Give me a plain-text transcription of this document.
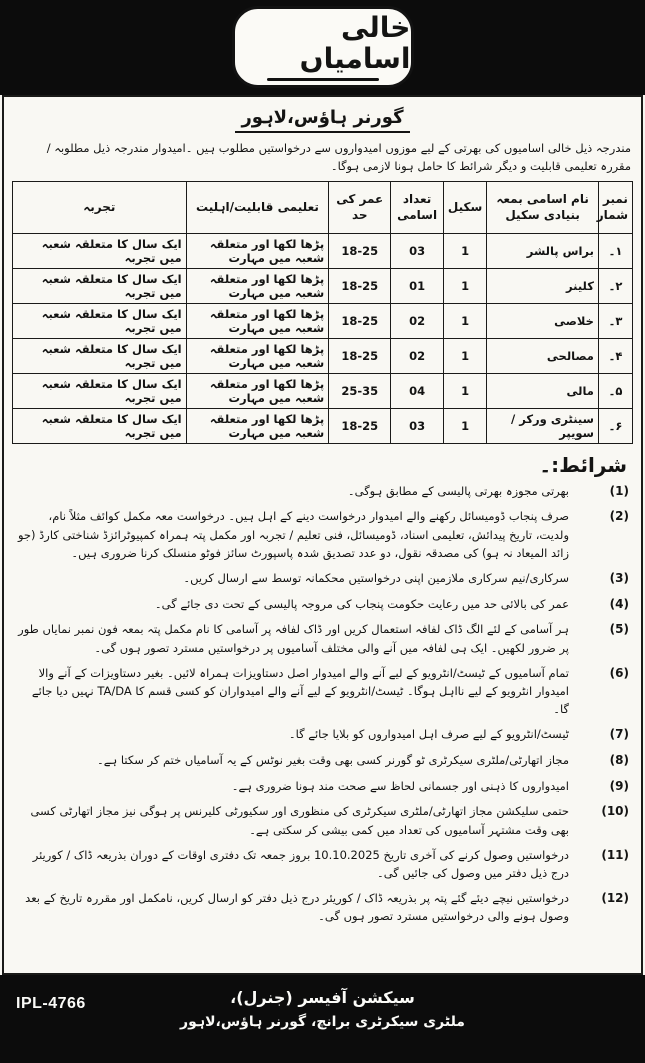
خالی اسامیاں
گورنر ہاؤس،لاہور

مندرجہ ذیل خالی اسامیوں کی بھرتی کے لیے موزوں امیدواروں سے درخواستیں مطلوب ہیں ۔امیدوار مندرجہ ذیل مطلوبہ / مقررہ تعلیمی قابلیت و دیگر شرائط کا حامل ہونا لازمی ہوگا۔

نمبر شمار	نام اسامی بمعہ بنیادی سکیل	سکیل	تعداد اسامی	عمر کی حد	تعلیمی قابلیت/اہلیت	تجربہ
۱۔	براس پالشر	1	03	18-25	پڑھا لکھا اور متعلقہ شعبہ میں مہارت	ایک سال کا متعلقہ شعبہ میں تجربہ
۲۔	کلینر	1	01	18-25	پڑھا لکھا اور متعلقہ شعبہ میں مہارت	ایک سال کا متعلقہ شعبہ میں تجربہ
۳۔	خلاصی	1	02	18-25	پڑھا لکھا اور متعلقہ شعبہ میں مہارت	ایک سال کا متعلقہ شعبہ میں تجربہ
۴۔	مصالحی	1	02	18-25	پڑھا لکھا اور متعلقہ شعبہ میں مہارت	ایک سال کا متعلقہ شعبہ میں تجربہ
۵۔	مالی	1	04	25-35	پڑھا لکھا اور متعلقہ شعبہ میں مہارت	ایک سال کا متعلقہ شعبہ میں تجربہ
۶۔	سینٹری ورکر / سویپر	1	03	18-25	پڑھا لکھا اور متعلقہ شعبہ میں مہارت	ایک سال کا متعلقہ شعبہ میں تجربہ
شرائط:۔
(1)
بھرتی مجوزہ بھرتی پالیسی کے مطابق ہوگی۔
(2)
صرف پنجاب ڈومیسائل رکھنے والے امیدوار درخواست دینے کے اہل ہیں۔ درخواست معہ مکمل کوائف مثلاً نام، ولدیت، تاریخ پیدائش، تعلیمی اسناد، ڈومیسائل، فنی تعلیم / تجربہ اور مکمل پتہ ہمراہ کمپیوٹرائزڈ شناختی کارڈ (جو زائد المیعاد نہ ہو) کی مصدقہ نقول، دو عدد تصدیق شدہ پاسپورٹ سائز فوٹو منسلک کرنا ضروری ہیں۔
(3)
سرکاری/نیم سرکاری ملازمین اپنی درخواستیں محکمانہ توسط سے ارسال کریں۔
(4)
عمر کی بالائی حد میں رعایت حکومت پنجاب کی مروجہ پالیسی کے تحت دی جائے گی۔
(5)
ہر آسامی کے لئے الگ ڈاک لفافہ استعمال کریں اور ڈاک لفافہ پر آسامی کا نام مکمل پتہ بمعہ فون نمبر نمایاں طور پر ضرور لکھیں۔ ایک ہی لفافہ میں آنے والی مختلف آسامیوں پر درخواستیں مسترد تصور ہوں گی۔
(6)
تمام آسامیوں کے ٹیسٹ/انٹرویو کے لیے آنے والے امیدوار اصل دستاویزات ہمراہ لائیں۔ بغیر دستاویزات کے آنے والا امیدوار انٹرویو کے لیے نااہل ہوگا۔ ٹیسٹ/انٹرویو کے لیے آنے والے امیدواران کو کسی قسم کا TA/DA نہیں دیا جائے گا۔
(7)
ٹیسٹ/انٹرویو کے لیے صرف اہل امیدواروں کو بلایا جائے گا۔
(8)
مجاز اتھارٹی/ملٹری سیکرٹری ٹو گورنر کسی بھی وقت بغیر نوٹس کے یہ آسامیاں ختم کر سکتا ہے۔
(9)
امیدواروں کا ذہنی اور جسمانی لحاظ سے صحت مند ہونا ضروری ہے۔
(10)
حتمی سلیکشن مجاز اتھارٹی/ملٹری سیکرٹری کی منظوری اور سکیورٹی کلیرنس پر ہوگی نیز مجاز اتھارٹی کسی بھی وقت مشتہر آسامیوں کی تعداد میں کمی بیشی کر سکتی ہے۔
(11)
درخواستیں وصول کرنے کی آخری تاریخ 10.10.2025 بروز جمعہ تک دفتری اوقات کے دوران بذریعہ ڈاک / کوریئر درج ذیل دفتر میں وصول کی جائیں گی۔
(12)
درخواستیں نیچے دیئے گئے پتہ پر بذریعہ ڈاک / کوریئر درج ذیل دفتر کو ارسال کریں، نامکمل اور مقررہ تاریخ کے بعد وصول ہونے والی درخواستیں مسترد تصور ہوں گی۔
IPL-4766	سیکشن آفیسر (جنرل)،
ملٹری سیکرٹری برانچ، گورنر ہاؤس،لاہور
